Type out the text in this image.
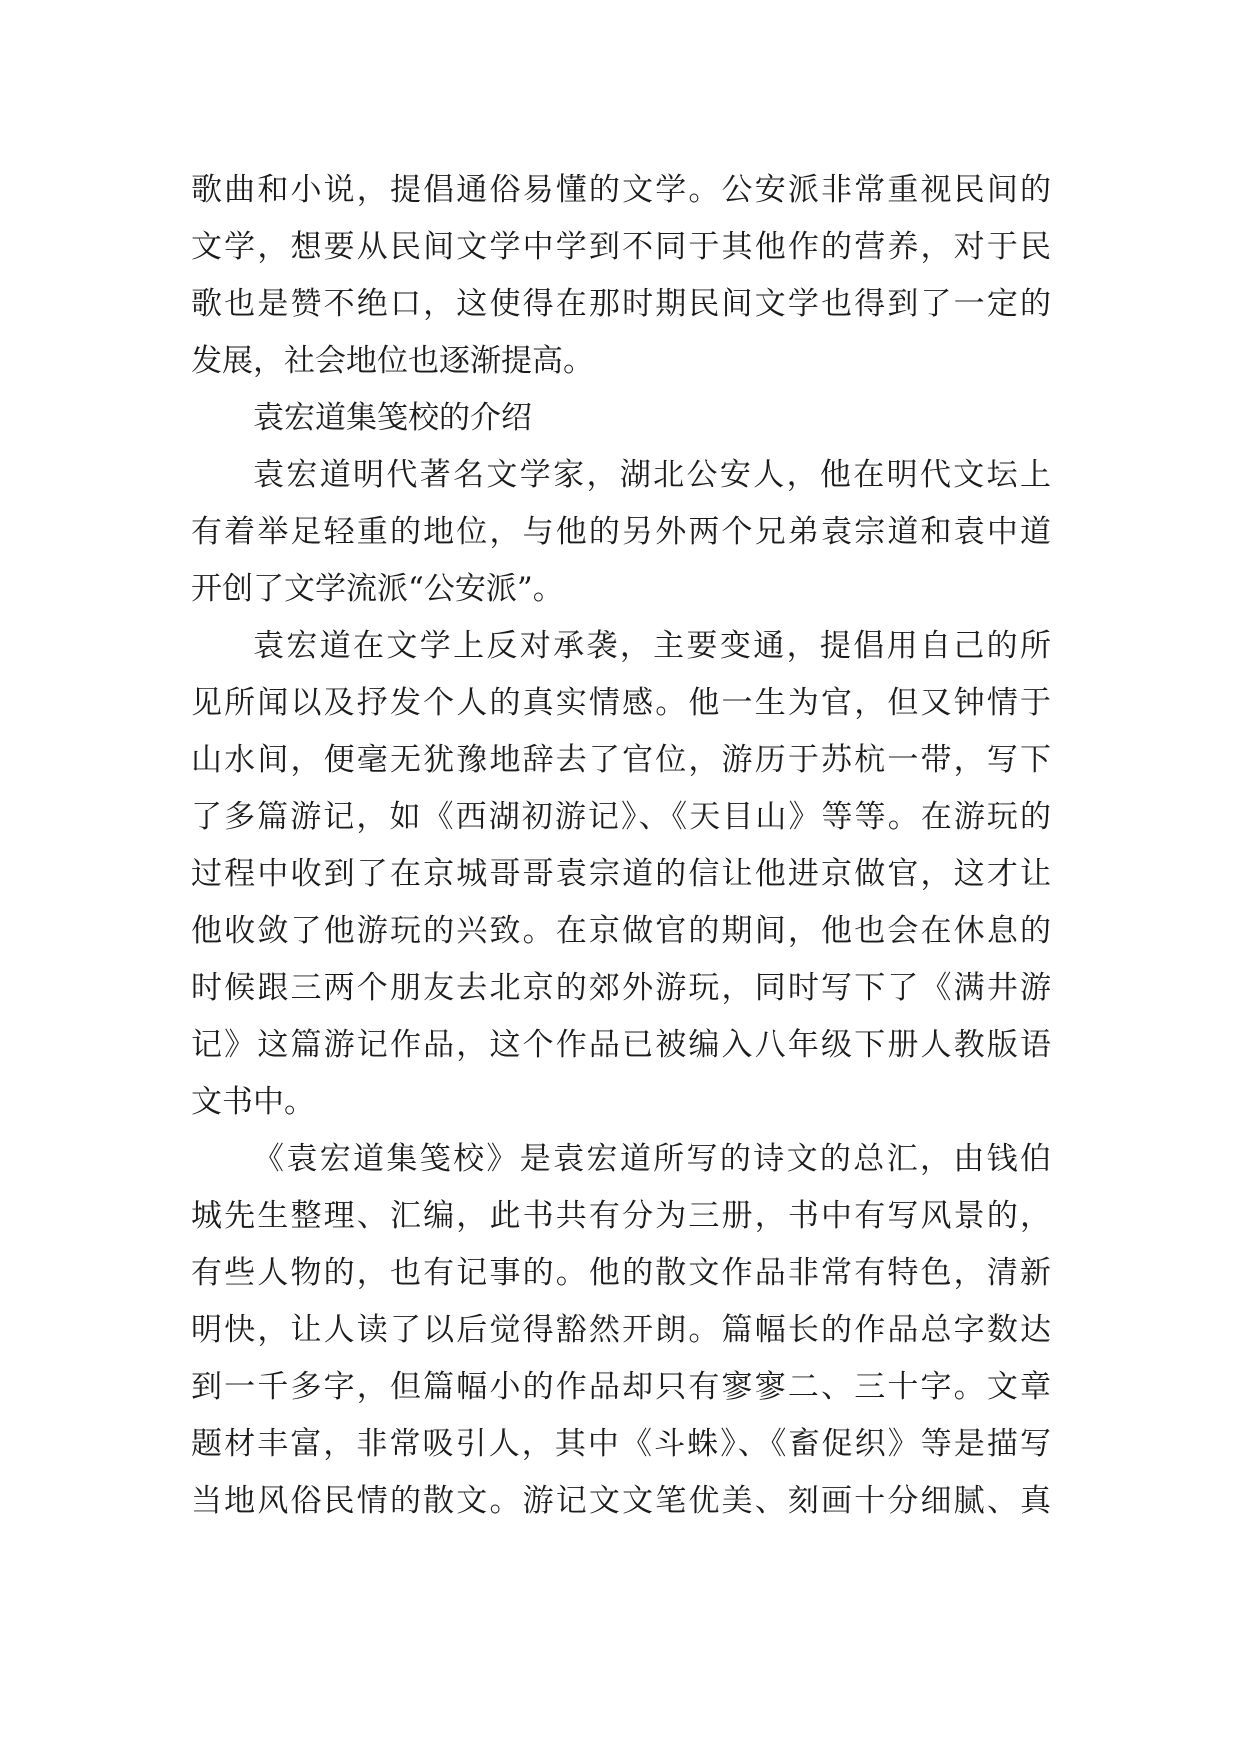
歌曲和小说，提倡通俗易懂的文学。公安派非常重视民间的
文学，想要从民间文学中学到不同于其他作的营养，对于民
歌也是赞不绝口，这使得在那时期民间文学也得到了一定的
发展，社会地位也逐渐提高。
袁宏道集笺校的介绍
袁宏道明代著名文学家，湖北公安人，他在明代文坛上
有着举足轻重的地位，与他的另外两个兄弟袁宗道和袁中道
开创了文学流派“公安派”。
袁宏道在文学上反对承袭，主要变通，提倡用自己的所
见所闻以及抒发个人的真实情感。他一生为官，但又钟情于
山水间，便毫无犹豫地辞去了官位，游历于苏杭一带，写下
了多篇游记，如《西湖初游记》、《天目山》等等。在游玩的
过程中收到了在京城哥哥袁宗道的信让他进京做官，这才让
他收敛了他游玩的兴致。在京做官的期间，他也会在休息的
时候跟三两个朋友去北京的郊外游玩，同时写下了《满井游
记》这篇游记作品，这个作品已被编入八年级下册人教版语
文书中。
《袁宏道集笺校》是袁宏道所写的诗文的总汇，由钱伯
城先生整理、汇编，此书共有分为三册，书中有写风景的，
有些人物的，也有记事的。他的散文作品非常有特色，清新
明快，让人读了以后觉得豁然开朗。篇幅长的作品总字数达
到一千多字，但篇幅小的作品却只有寥寥二、三十字。文章
题材丰富，非常吸引人，其中《斗蛛》、《畜促织》等是描写
当地风俗民情的散文。游记文文笔优美、刻画十分细腻、真
